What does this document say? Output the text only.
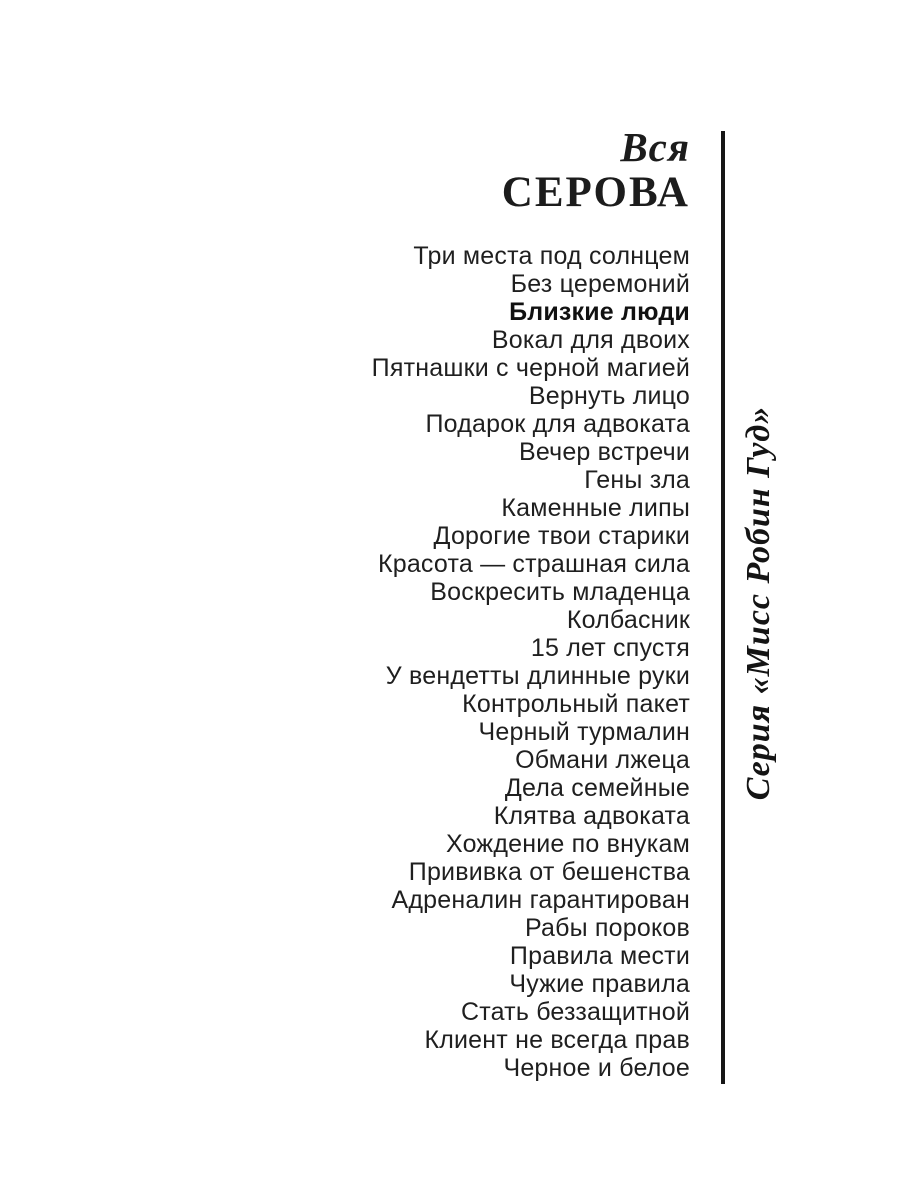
Вся
СЕРОВА
Три места под солнцем
Без церемоний
Близкие люди
Вокал для двоих
Пятнашки с черной магией
Вернуть лицо
Подарок для адвоката
Вечер встречи
Гены зла
Каменные липы
Дорогие твои старики
Красота — страшная сила
Воскресить младенца
Колбасник
15 лет спустя
У вендетты длинные руки
Контрольный пакет
Черный турмалин
Обмани лжеца
Дела семейные
Клятва адвоката
Хождение по внукам
Прививка от бешенства
Адреналин гарантирован
Рабы пороков
Правила мести
Чужие правила
Стать беззащитной
Клиент не всегда прав
Черное и белое
Серия «Мисс Робин Гуд»
